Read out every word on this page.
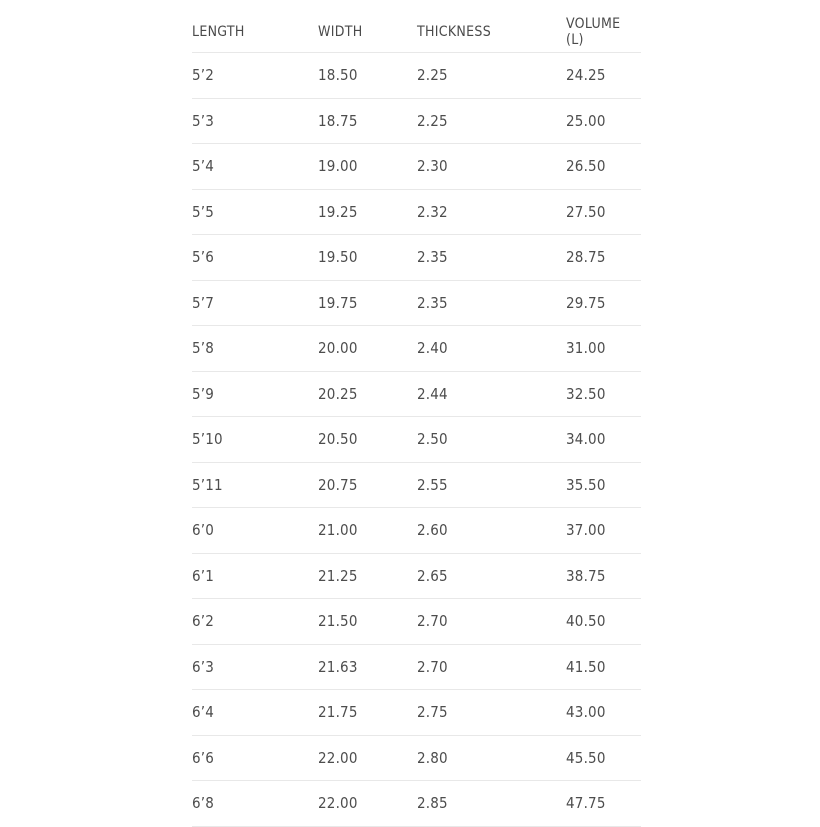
LENGTH	WIDTH	THICKNESS	VOLUME (L)
5’2	18.50	2.25	24.25
5’3	18.75	2.25	25.00
5’4	19.00	2.30	26.50
5’5	19.25	2.32	27.50
5’6	19.50	2.35	28.75
5’7	19.75	2.35	29.75
5’8	20.00	2.40	31.00
5’9	20.25	2.44	32.50
5’10	20.50	2.50	34.00
5’11	20.75	2.55	35.50
6’0	21.00	2.60	37.00
6’1	21.25	2.65	38.75
6’2	21.50	2.70	40.50
6’3	21.63	2.70	41.50
6’4	21.75	2.75	43.00
6’6	22.00	2.80	45.50
6’8	22.00	2.85	47.75
